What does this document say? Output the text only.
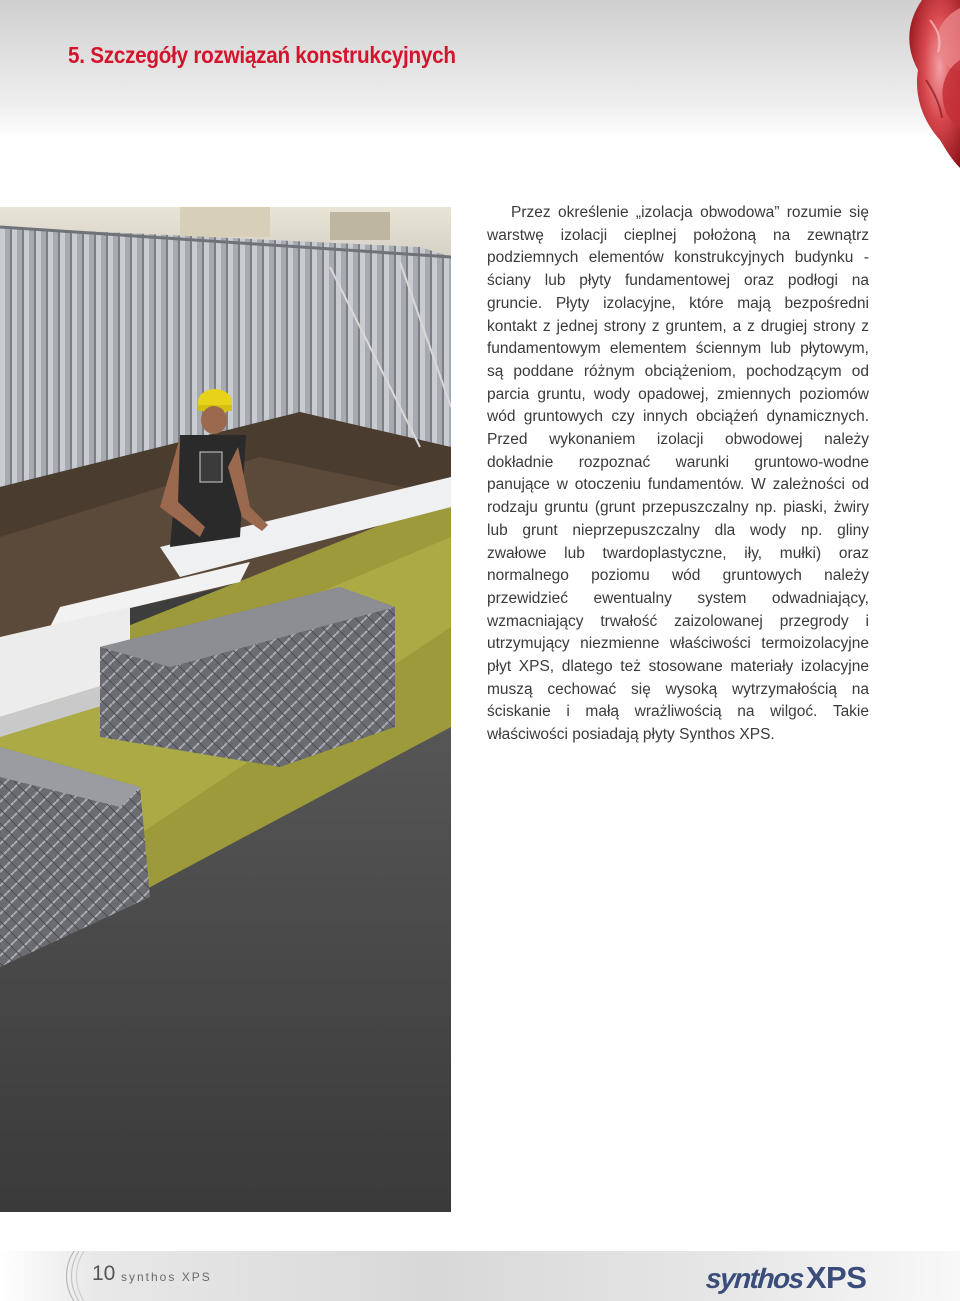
5. Szczegóły rozwiązań konstrukcyjnych
Przez określenie „izolacja obwodowa” rozumie się warstwę izolacji cieplnej położoną na zewnątrz podziemnych elementów konstrukcyjnych budynku - ściany lub płyty fundamentowej oraz podłogi na gruncie. Płyty izolacyjne, które mają bezpośredni kontakt z jednej strony z gruntem, a z drugiej strony z fundamentowym elementem ściennym lub płytowym, są poddane różnym obciążeniom, pochodzącym od parcia gruntu, wody opadowej, zmiennych poziomów wód gruntowych czy innych obciążeń dynamicznych. Przed wykonaniem izolacji obwodowej należy dokładnie rozpoznać warunki gruntowo-wodne panujące w otoczeniu fundamentów. W zależności od rodzaju gruntu (grunt przepuszczalny np. piaski, żwiry lub grunt nieprzepuszczalny dla wody np. gliny zwałowe lub twardoplastyczne, iły, mułki) oraz normalnego poziomu wód gruntowych należy przewidzieć ewentualny system odwadniający, wzmacniający trwałość zaizolowanej przegrody i utrzymujący niezmienne właściwości termoizolacyjne płyt XPS, dlatego też stosowane materiały izolacyjne muszą cechować się wysoką wytrzymałością na ściskanie i małą wrażliwością na wilgoć. Takie właściwości posiadają płyty Synthos XPS.
10 synthos XPS	synthos XPS
